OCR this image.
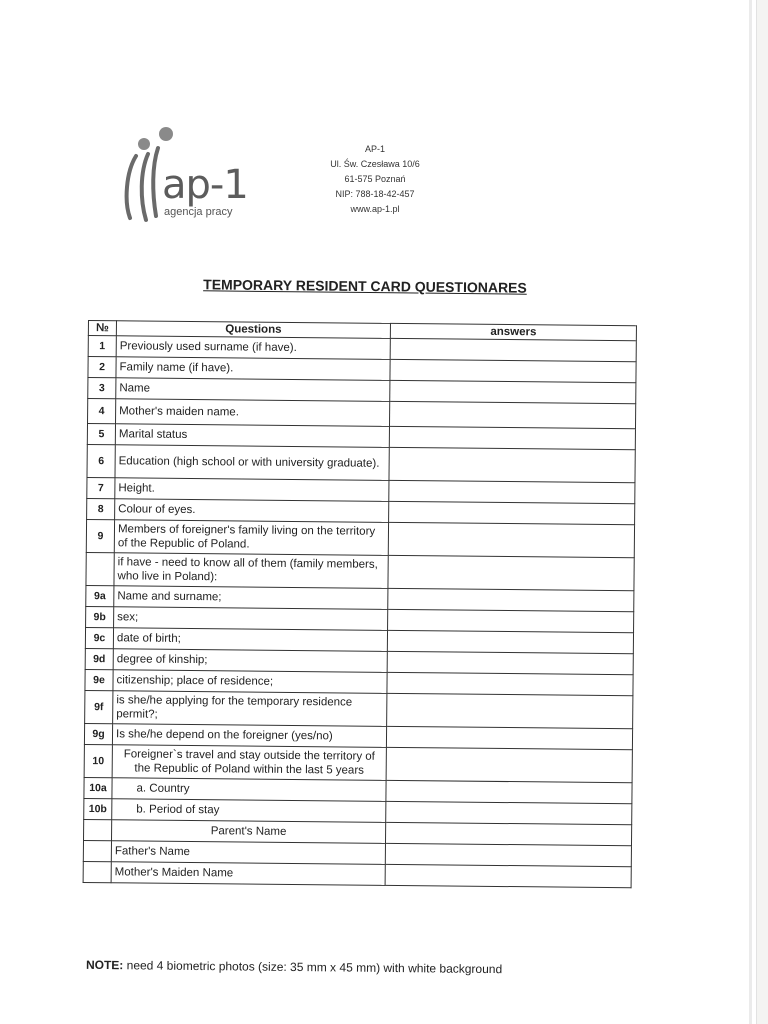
ap-1
agencja pracy
AP-1
Ul. Św. Czesława 10/6
61-575 Poznań
NIP: 788-18-42-457
www.ap-1.pl
TEMPORARY RESIDENT CARD QUESTIONARES
№	Questions	answers
1	Previously used surname (if have).	
2	Family name (if have).	
3	Name	
4	Mother's maiden name.	
5	Marital status	
6	Education (high school or with university graduate).	
7	Height.	
8	Colour of eyes.	
9	Members of foreigner's family living on the territory of the Republic of Poland.	
	if have - need to know all of them (family members, who live in Poland):	
9a	Name and surname;	
9b	sex;	
9c	date of birth;	
9d	degree of kinship;	
9e	citizenship; place of residence;	
9f	is she/he applying for the temporary residence permit?;	
9g	Is she/he depend on the foreigner (yes/no)	
10	Foreigner`s travel and stay outside the territory of the Republic of Poland within the last 5 years	
10a	a. Country	
10b	b. Period of stay	
	Parent's Name	
	Father's Name	
	Mother's Maiden Name	
NOTE: need 4 biometric photos (size: 35 mm x 45 mm) with white background
